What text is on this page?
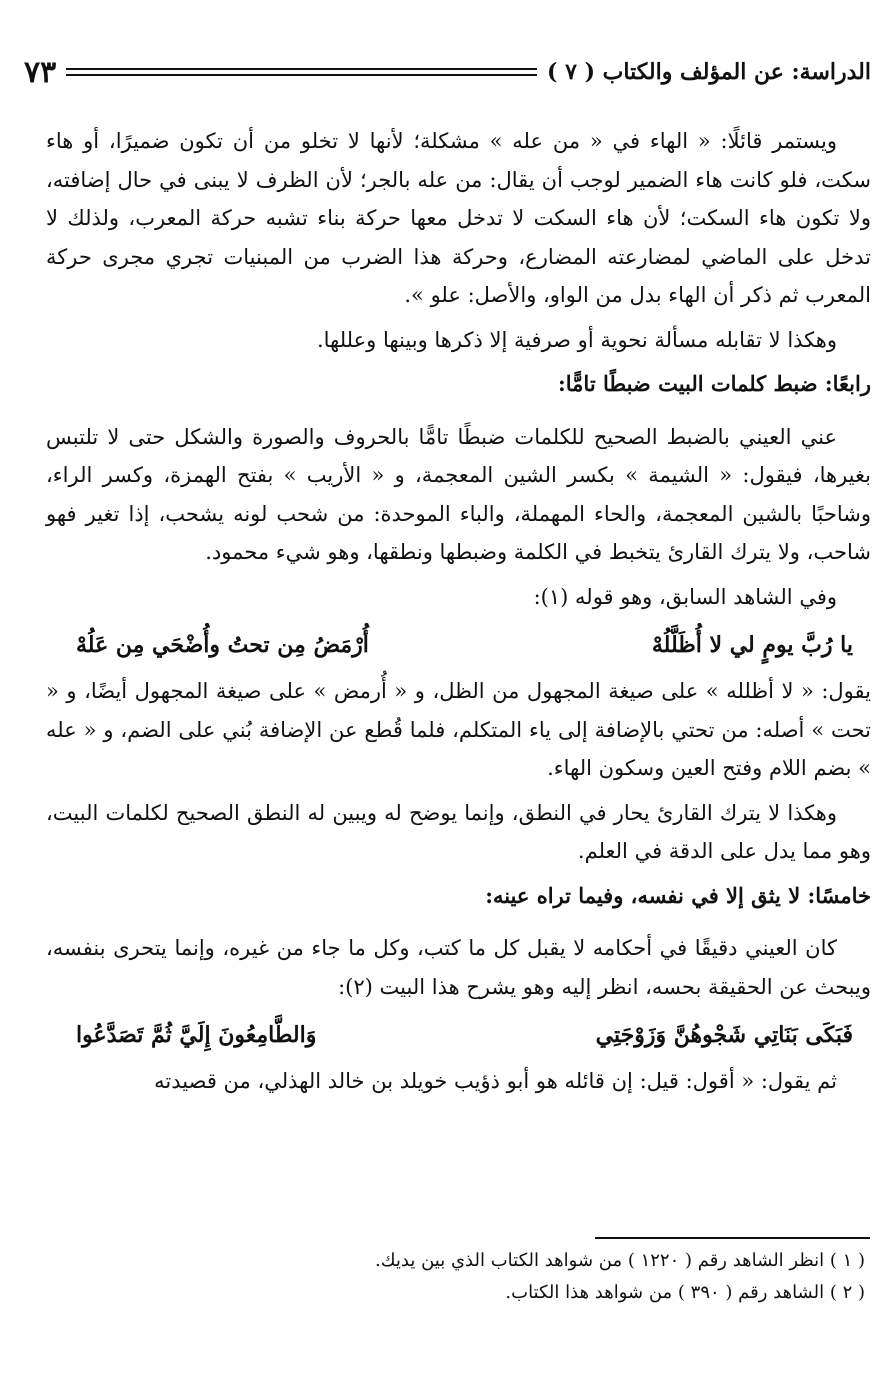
الدراسة: عن المؤلف والكتاب ( ٧ )
٧٣

ويستمر قائلًا: « الهاء في « من عله » مشكلة؛ لأنها لا تخلو من أن تكون ضميرًا، أو هاء سكت، فلو كانت هاء الضمير لوجب أن يقال: من عله بالجر؛ لأن الظرف لا يبنى في حال إضافته، ولا تكون هاء السكت؛ لأن هاء السكت لا تدخل معها حركة بناء تشبه حركة المعرب، ولذلك لا تدخل على الماضي لمضارعته المضارع، وحركة هذا الضرب من المبنيات تجري مجرى حركة المعرب ثم ذكر أن الهاء بدل من الواو، والأصل: علو ».

وهكذا لا تقابله مسألة نحوية أو صرفية إلا ذكرها وبينها وعللها.

رابعًا: ضبط كلمات البيت ضبطًا تامًّا:

عني العيني بالضبط الصحيح للكلمات ضبطًا تامًّا بالحروف والصورة والشكل حتى لا تلتبس بغيرها، فيقول: « الشيمة » بكسر الشين المعجمة، و « الأريب » بفتح الهمزة، وكسر الراء، وشاحبًا بالشين المعجمة، والحاء المهملة، والباء الموحدة: من شحب لونه يشحب، إذا تغير فهو شاحب، ولا يترك القارئ يتخبط في الكلمة وضبطها ونطقها، وهو شيء محمود.

وفي الشاهد السابق، وهو قوله (١):

يا رُبَّ يومٍ لي لا أُظَلَّلُهْ
أُرْمَضُ مِن تحتُ وأُضْحَي مِن عَلُهْ

يقول: « لا أظلله » على صيغة المجهول من الظل، و « أُرمض » على صيغة المجهول أيضًا، و « تحت » أصله: من تحتي بالإضافة إلى ياء المتكلم، فلما قُطع عن الإضافة بُني على الضم، و « عله » بضم اللام وفتح العين وسكون الهاء.

وهكذا لا يترك القارئ يحار في النطق، وإنما يوضح له ويبين له النطق الصحيح لكلمات البيت، وهو مما يدل على الدقة في العلم.

خامسًا: لا يثق إلا في نفسه، وفيما تراه عينه:

كان العيني دقيقًا في أحكامه لا يقبل كل ما كتب، وكل ما جاء من غيره، وإنما يتحرى بنفسه، ويبحث عن الحقيقة بحسه، انظر إليه وهو يشرح هذا البيت (٢):

فَبَكَى بَنَاتِي شَجْوهُنَّ وَزَوْجَتِي
وَالطَّامِعُونَ إِلَيَّ ثُمَّ تَصَدَّعُوا

ثم يقول: « أقول: قيل: إن قائله هو أبو ذؤيب خويلد بن خالد الهذلي، من قصيدته

( ١ ) انظر الشاهد رقم ( ١٢٢٠ ) من شواهد الكتاب الذي بين يديك.
( ٢ ) الشاهد رقم ( ٣٩٠ ) من شواهد هذا الكتاب.
